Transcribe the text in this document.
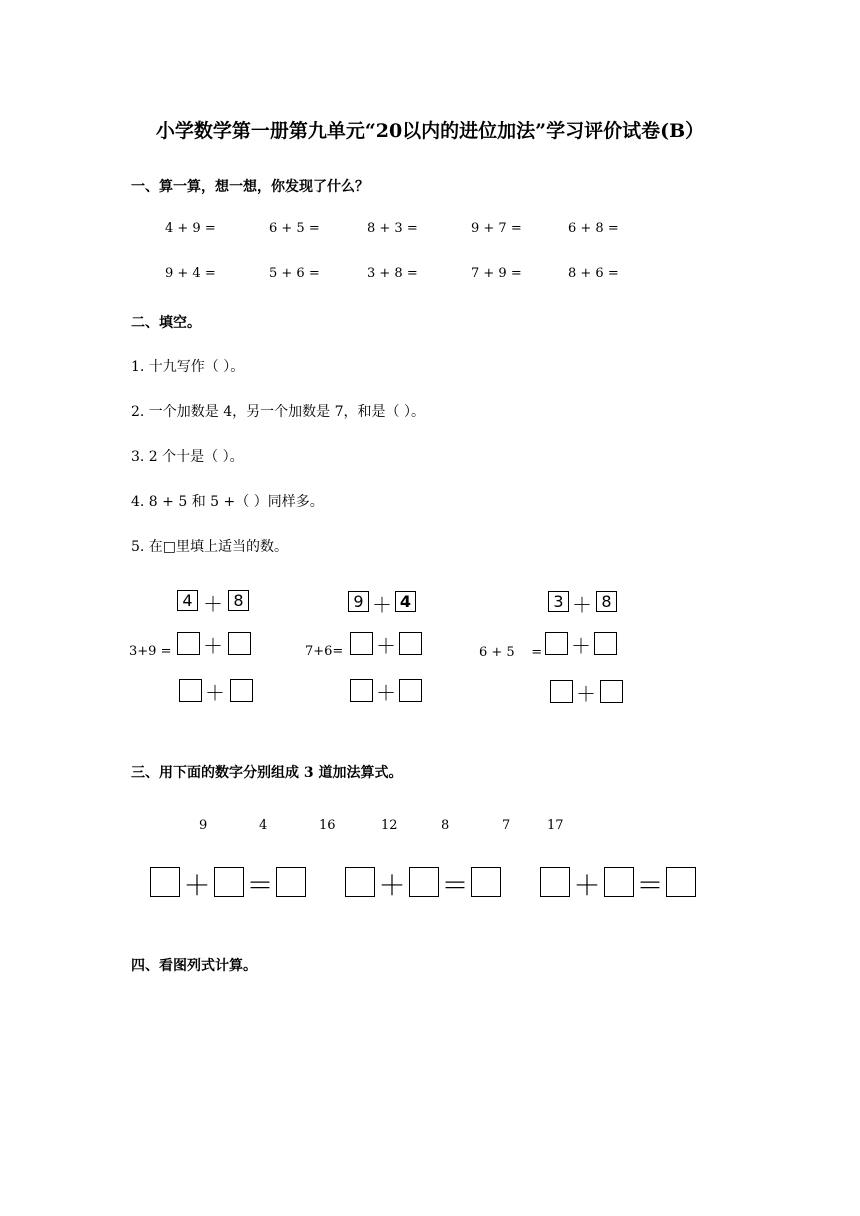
小学数学第一册第九单元“20以内的进位加法”学习评价试卷(B）
一、算一算，想一想，你发现了什么？
4 + 9 =	6 + 5 =	8 + 3 =	9 + 7 =	6 + 8 =
9 + 4 =	5 + 6 =	3 + 8 =	7 + 9 =	8 + 6 =
二、填空。
1. 十九写作（ ）。
2. 一个加数是 4，另一个加数是 7，和是（ ）。
3. 2 个十是（ ）。
4. 8 + 5 和 5 +（ ）同样多。
5. 在□里填上适当的数。
4 ＋ 8
3+9 = ＋
＋
9 ＋ 4
7+6= ＋
＋
3 ＋ 8
6 + 5    = ＋
＋
三、用下面的数字分别组成 3 道加法算式。
9	4	16	12	8	7	17
＋ ＝	＋ ＝	＋ ＝
四、看图列式计算。
